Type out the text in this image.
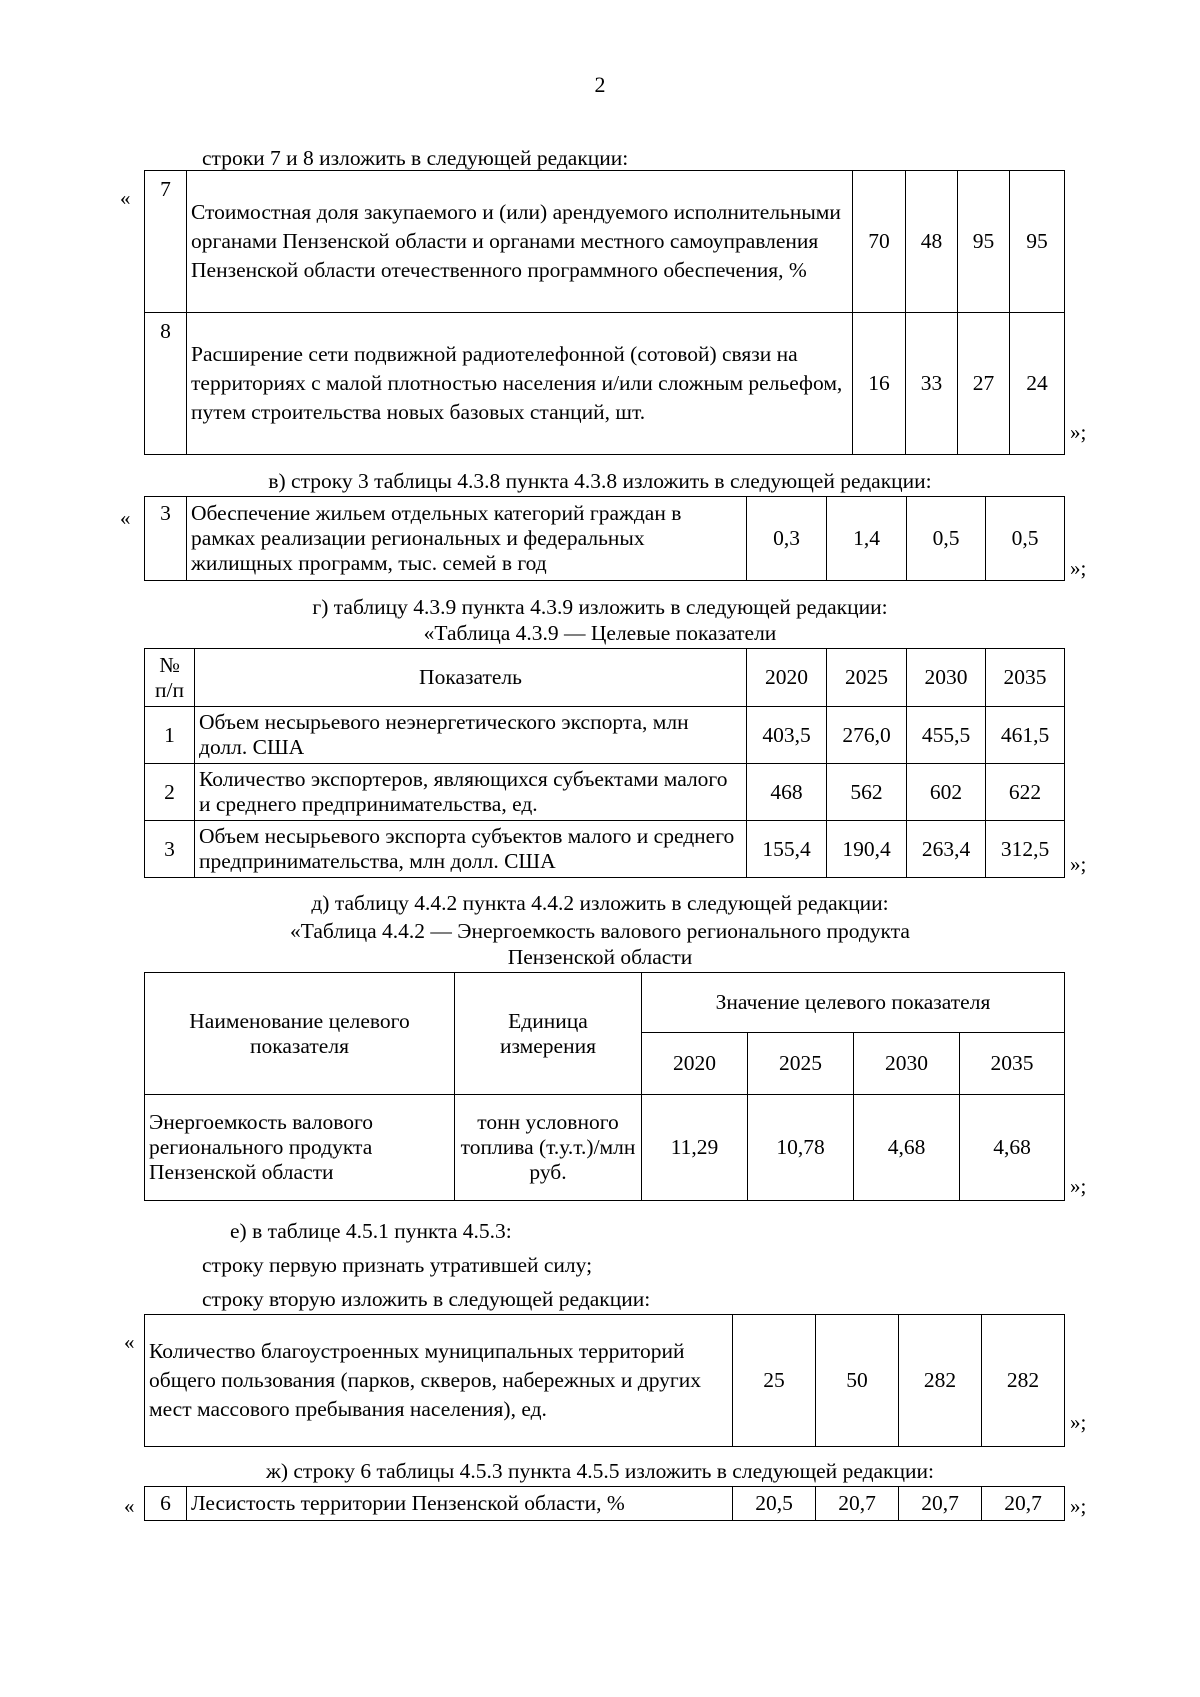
2
строки 7 и 8 изложить в следующей редакции:
« 7	Стоимостная доля закупаемого и (или) арендуемого исполнительными органами Пензенской области и органами местного самоуправления Пензенской области отечественного программного обеспечения, %	70	48	95	95
8	Расширение сети подвижной радиотелефонной (сотовой) связи на территориях с малой плотностью населения и/или сложным рельефом, путем строительства новых базовых станций, шт.	16	33	27	24
»;
в) строку 3 таблицы 4.3.8 пункта 4.3.8 изложить в следующей редакции:
« 3	Обеспечение жильем отдельных категорий граждан в рамках реализации региональных и федеральных жилищных программ, тыс. семей в год	0,3	1,4	0,5	0,5
»;
г) таблицу 4.3.9 пункта 4.3.9 изложить в следующей редакции:
«Таблица 4.3.9 — Целевые показатели
№ п/п	Показатель	2020	2025	2030	2035
1	Объем несырьевого неэнергетического экспорта, млн долл. США	403,5	276,0	455,5	461,5
2	Количество экспортеров, являющихся субъектами малого и среднего предпринимательства, ед.	468	562	602	622
3	Объем несырьевого экспорта субъектов малого и среднего предпринимательства, млн долл. США	155,4	190,4	263,4	312,5
»;
д) таблицу 4.4.2 пункта 4.4.2 изложить в следующей редакции:
«Таблица 4.4.2 — Энергоемкость валового регионального продукта
Пензенской области
Наименование целевого показателя	Единица измерения	Значение целевого показателя			
		2020	2025	2030	2035
Энергоемкость валового регионального продукта Пензенской области	тонн условного топлива (т.у.т.)/млн руб.	11,29	10,78	4,68	4,68
»;
е) в таблице 4.5.1 пункта 4.5.3:
строку первую признать утратившей силу;
строку вторую изложить в следующей редакции:
« Количество благоустроенных муниципальных территорий общего пользования (парков, скверов, набережных и других мест массового пребывания населения), ед.	25	50	282	282
»;
ж) строку 6 таблицы 4.5.3 пункта 4.5.5 изложить в следующей редакции:
« 6	Лесистость территории Пензенской области, %	20,5	20,7	20,7	20,7 »;
